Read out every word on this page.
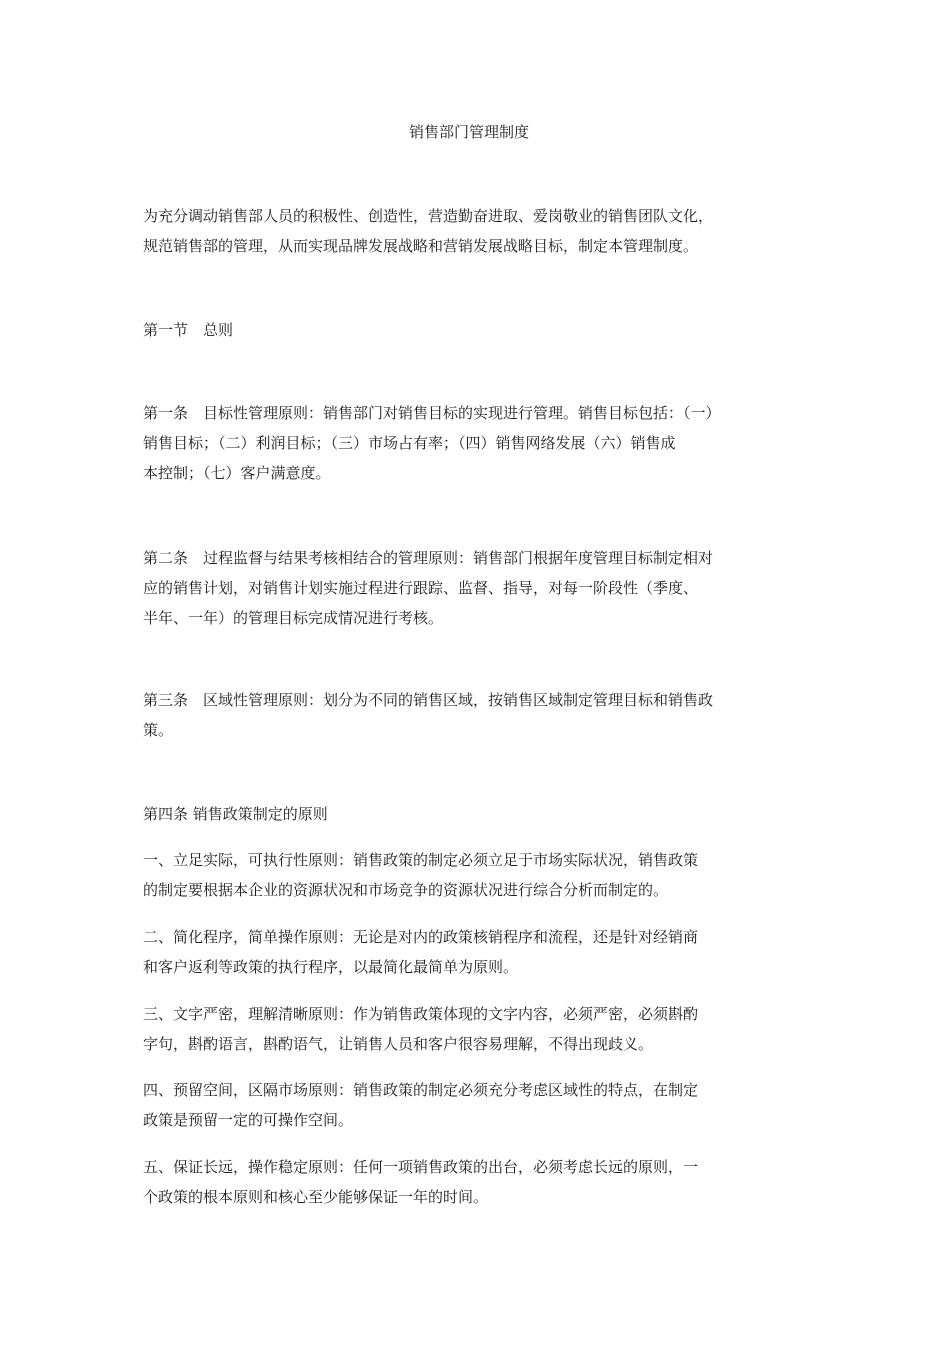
销售部门管理制度
为充分调动销售部人员的积极性、创造性，营造勤奋进取、爱岗敬业的销售团队文化，
规范销售部的管理，从而实现品牌发展战略和营销发展战略目标，制定本管理制度。
第一节　总则
第一条　目标性管理原则：销售部门对销售目标的实现进行管理。销售目标包括：（一）
销售目标；（二）利润目标；（三）市场占有率；（四）销售网络发展（六）销售成
本控制；（七）客户满意度。
第二条　过程监督与结果考核相结合的管理原则：销售部门根据年度管理目标制定相对
应的销售计划，对销售计划实施过程进行跟踪、监督、指导，对每一阶段性（季度、
半年、一年）的管理目标完成情况进行考核。
第三条　区域性管理原则：划分为不同的销售区域，按销售区域制定管理目标和销售政
策。
第四条 销售政策制定的原则
一、立足实际，可执行性原则：销售政策的制定必须立足于市场实际状况，销售政策
的制定要根据本企业的资源状况和市场竞争的资源状况进行综合分析而制定的。
二、简化程序，简单操作原则：无论是对内的政策核销程序和流程，还是针对经销商
和客户返利等政策的执行程序，以最简化最简单为原则。
三、文字严密，理解清晰原则：作为销售政策体现的文字内容，必须严密，必须斟酌
字句，斟酌语言，斟酌语气，让销售人员和客户很容易理解，不得出现歧义。
四、预留空间，区隔市场原则：销售政策的制定必须充分考虑区域性的特点，在制定
政策是预留一定的可操作空间。
五、保证长远，操作稳定原则：任何一项销售政策的出台，必须考虑长远的原则，一
个政策的根本原则和核心至少能够保证一年的时间。
